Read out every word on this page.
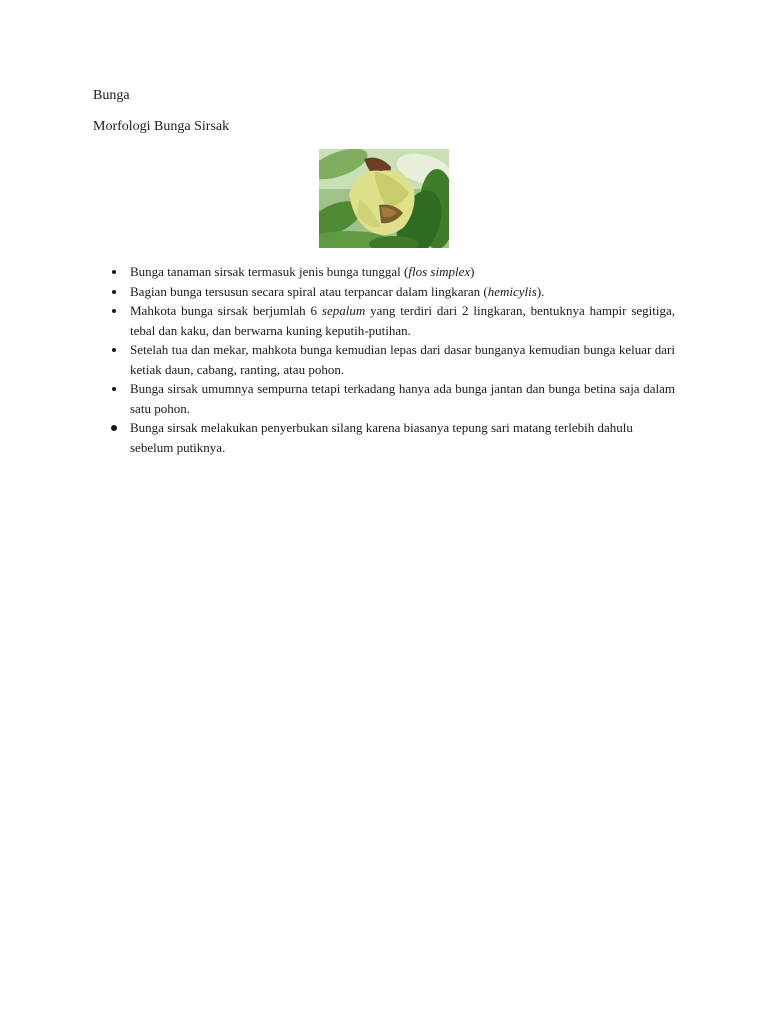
Bunga

Morfologi Bunga Sirsak

Bunga tanaman sirsak termasuk jenis bunga tunggal (flos simplex)
Bagian bunga tersusun secara spiral atau terpancar dalam lingkaran (hemicylis).
Mahkota bunga sirsak berjumlah 6 sepalum yang terdiri dari 2 lingkaran, bentuknya hampir segitiga, tebal dan kaku, dan berwarna kuning keputih-putihan.
Setelah tua dan mekar, mahkota bunga kemudian lepas dari dasar bunganya kemudian bunga keluar dari ketiak daun, cabang, ranting, atau pohon.
Bunga sirsak umumnya sempurna tetapi terkadang hanya ada bunga jantan dan bunga betina saja dalam satu pohon.
Bunga sirsak melakukan penyerbukan silang karena biasanya tepung sari matang terlebih dahulu sebelum putiknya.
